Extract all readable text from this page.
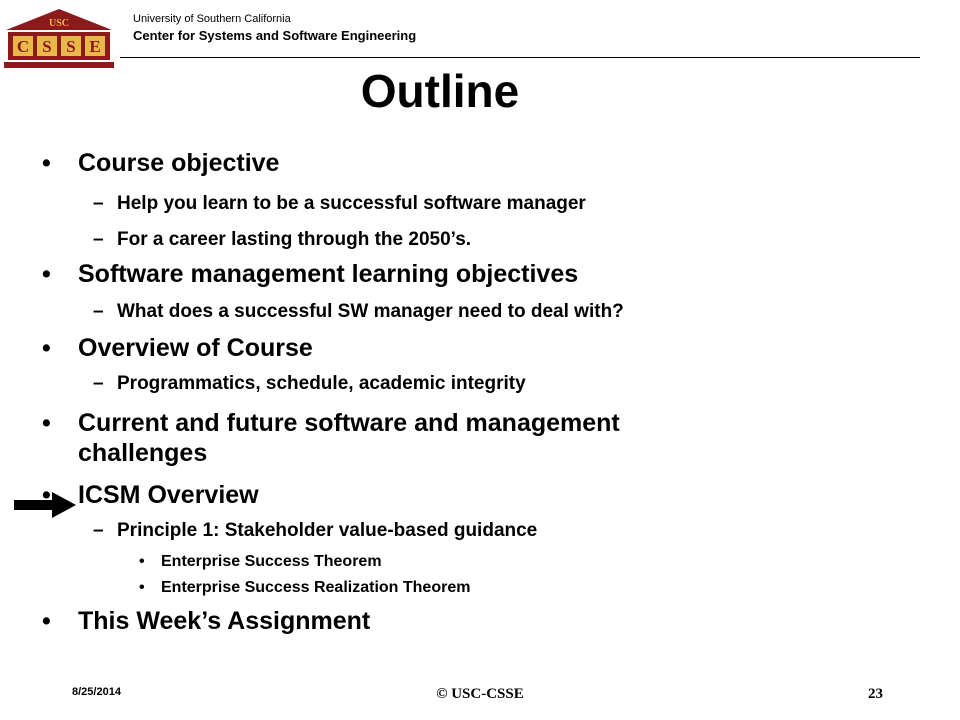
USC
C S S E
University of Southern California
Center for Systems and Software Engineering
Outline
• Course objective
– Help you learn to be a successful software manager
– For a career lasting through the 2050’s.
• Software management learning objectives
– What does a successful SW manager need to deal with?
• Overview of Course
– Programmatics, schedule, academic integrity
• Current and future software and management
challenges
• ICSM Overview
– Principle 1: Stakeholder value-based guidance
• Enterprise Success Theorem
• Enterprise Success Realization Theorem
• This Week’s Assignment
8/25/2014	© USC-CSSE	23
